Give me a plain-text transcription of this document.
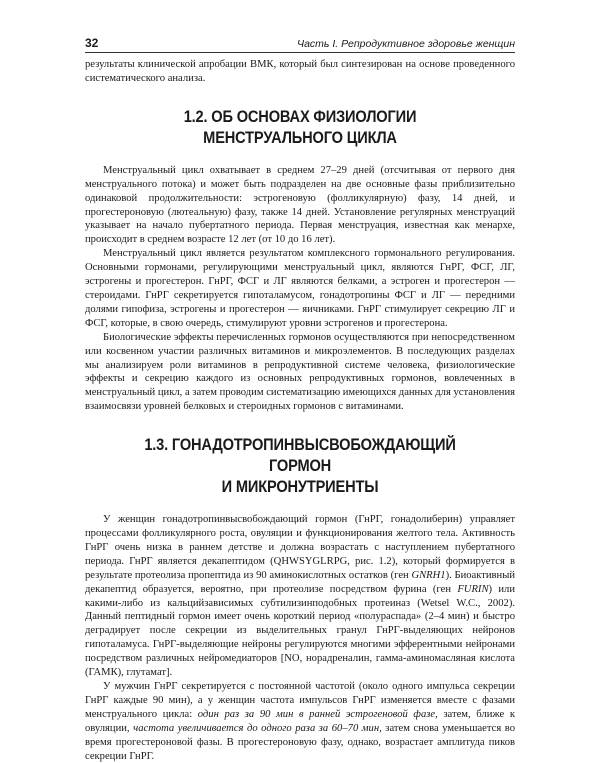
32	Часть I. Репродуктивное здоровье женщин

результаты клинической апробации ВМК, который был синтезирован на основе проведенного систематического анализа.

1.2. ОБ ОСНОВАХ ФИЗИОЛОГИИ МЕНСТРУАЛЬНОГО ЦИКЛА

Менструальный цикл охватывает в среднем 27–29 дней (отсчитывая от первого дня менструального потока) и может быть подразделен на две основные фазы приблизительно одинаковой продолжительности: эстрогеновую (фолликулярную) фазу, 14 дней, и прогестероновую (лютеальную) фазу, также 14 дней. Установление регулярных менструаций указывает на начало пубертатного периода. Первая менструация, известная как менархе, происходит в среднем возрасте 12 лет (от 10 до 16 лет).

Менструальный цикл является результатом комплексного гормонального регулирования. Основными гормонами, регулирующими менструальный цикл, являются ГнРГ, ФСГ, ЛГ, эстрогены и прогестерон. ГнРГ, ФСГ и ЛГ являются белками, а эстроген и прогестерон — стероидами. ГнРГ секретируется гипоталамусом, гонадотропины ФСГ и ЛГ — передними долями гипофиза, эстрогены и прогестерон — яичниками. ГнРГ стимулирует секрецию ЛГ и ФСГ, которые, в свою очередь, стимулируют уровни эстрогенов и прогестерона.

Биологические эффекты перечисленных гормонов осуществляются при непосредственном или косвенном участии различных витаминов и микроэлементов. В последующих разделах мы анализируем роли витаминов в репродуктивной системе человека, физиологические эффекты и секрецию каждого из основных репродуктивных гормонов, вовлеченных в менструальный цикл, а затем проводим систематизацию имеющихся данных для установления взаимосвязи уровней белковых и стероидных гормонов с витаминами.

1.3. ГОНАДОТРОПИНВЫСВОБОЖДАЮЩИЙ ГОРМОН
И МИКРОНУТРИЕНТЫ

У женщин гонадотропинвысвобождающий гормон (ГнРГ, гонадолиберин) управляет процессами фолликулярного роста, овуляции и функционирования желтого тела. Активность ГнРГ очень низка в раннем детстве и должна возрастать с наступлением пубертатного периода. ГнРГ является декапептидом (QHWSYGLRPG, рис. 1.2), который формируется в результате протеолиза пропептида из 90 аминокислотных остатков (ген GNRH1). Биоактивный декапептид образуется, вероятно, при протеолизе посредством фурина (ген FURIN) или какими-либо из кальцийзависимых субтилизинподобных протеиназ (Wetsel W.C., 2002). Данный пептидный гормон имеет очень короткий период «полураспада» (2–4 мин) и быстро деградирует после секреции из выделительных гранул ГнРГ-выделяющих нейронов гипоталамуса. ГнРГ-выделяющие нейроны регулируются многими эфферентными нейронами посредством различных нейромедиаторов [NO, норадреналин, гамма-аминомасляная кислота (ГАМК), глутамат].

У мужчин ГнРГ секретируется с постоянной частотой (около одного импульса секреции ГнРГ каждые 90 мин), а у женщин частота импульсов ГнРГ изменяется вместе с фазами менструального цикла: один раз за 90 мин в ранней эстрогеновой фазе, затем, ближе к овуляции, частота увеличивается до одного раза за 60–70 мин, затем снова уменьшается во время прогестероновой фазы. В прогестероновую фазу, однако, возрастает амплитуда пиков секреции ГнРГ.
